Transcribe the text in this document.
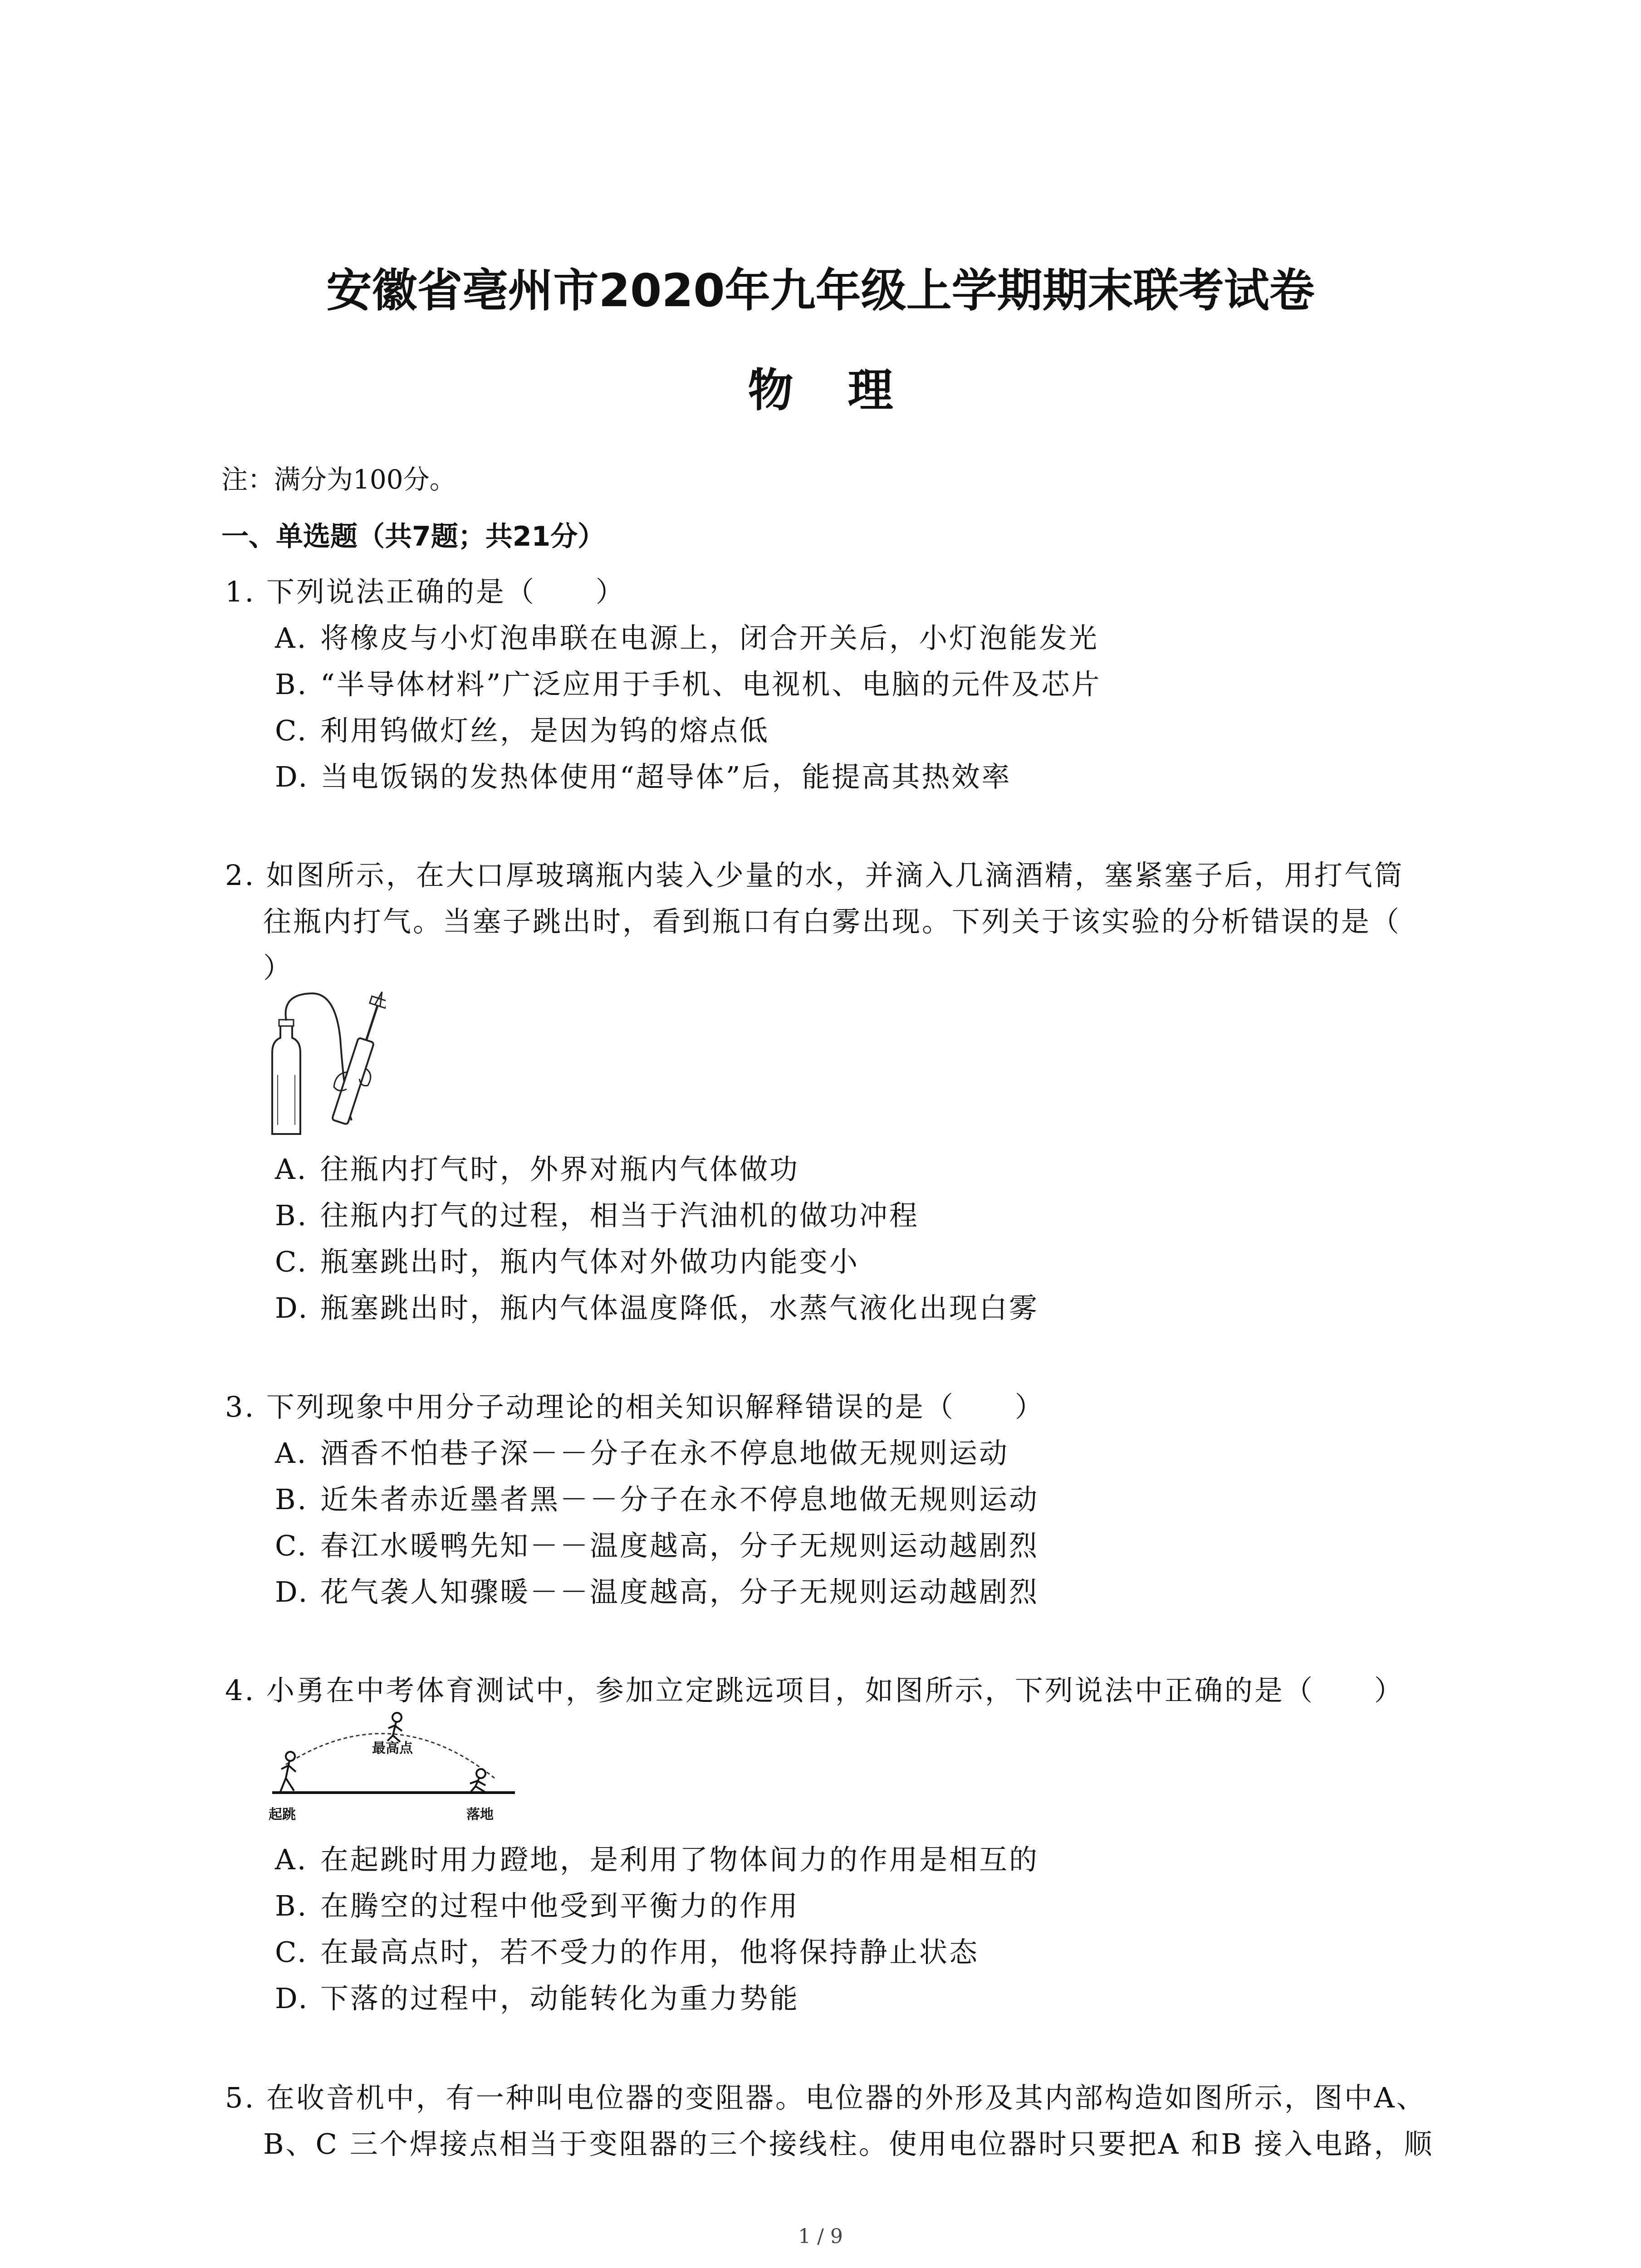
安徽省亳州市2020年九年级上学期期末联考试卷
物理
注：满分为100分。
一、单选题（共7题；共21分）
1. 下列说法正确的是（　　）
A. 将橡皮与小灯泡串联在电源上，闭合开关后，小灯泡能发光
B. “半导体材料”广泛应用于手机、电视机、电脑的元件及芯片
C. 利用钨做灯丝，是因为钨的熔点低
D. 当电饭锅的发热体使用“超导体”后，能提高其热效率
2. 如图所示，在大口厚玻璃瓶内装入少量的水，并滴入几滴酒精，塞紧塞子后，用打气筒
往瓶内打气。当塞子跳出时，看到瓶口有白雾出现。下列关于该实验的分析错误的是（
）
A. 往瓶内打气时，外界对瓶内气体做功
B. 往瓶内打气的过程，相当于汽油机的做功冲程
C. 瓶塞跳出时，瓶内气体对外做功内能变小
D. 瓶塞跳出时，瓶内气体温度降低，水蒸气液化出现白雾
3. 下列现象中用分子动理论的相关知识解释错误的是（　　）
A. 酒香不怕巷子深－－分子在永不停息地做无规则运动
B. 近朱者赤近墨者黑－－分子在永不停息地做无规则运动
C. 春江水暖鸭先知－－温度越高，分子无规则运动越剧烈
D. 花气袭人知骤暖－－温度越高，分子无规则运动越剧烈
4. 小勇在中考体育测试中，参加立定跳远项目，如图所示，下列说法中正确的是（　　）
最高点
起跳	落地
A. 在起跳时用力蹬地，是利用了物体间力的作用是相互的
B. 在腾空的过程中他受到平衡力的作用
C. 在最高点时，若不受力的作用，他将保持静止状态
D. 下落的过程中，动能转化为重力势能
5. 在收音机中，有一种叫电位器的变阻器。电位器的外形及其内部构造如图所示，图中A、
B、C 三个焊接点相当于变阻器的三个接线柱。使用电位器时只要把A 和B 接入电路，顺
1 / 9
